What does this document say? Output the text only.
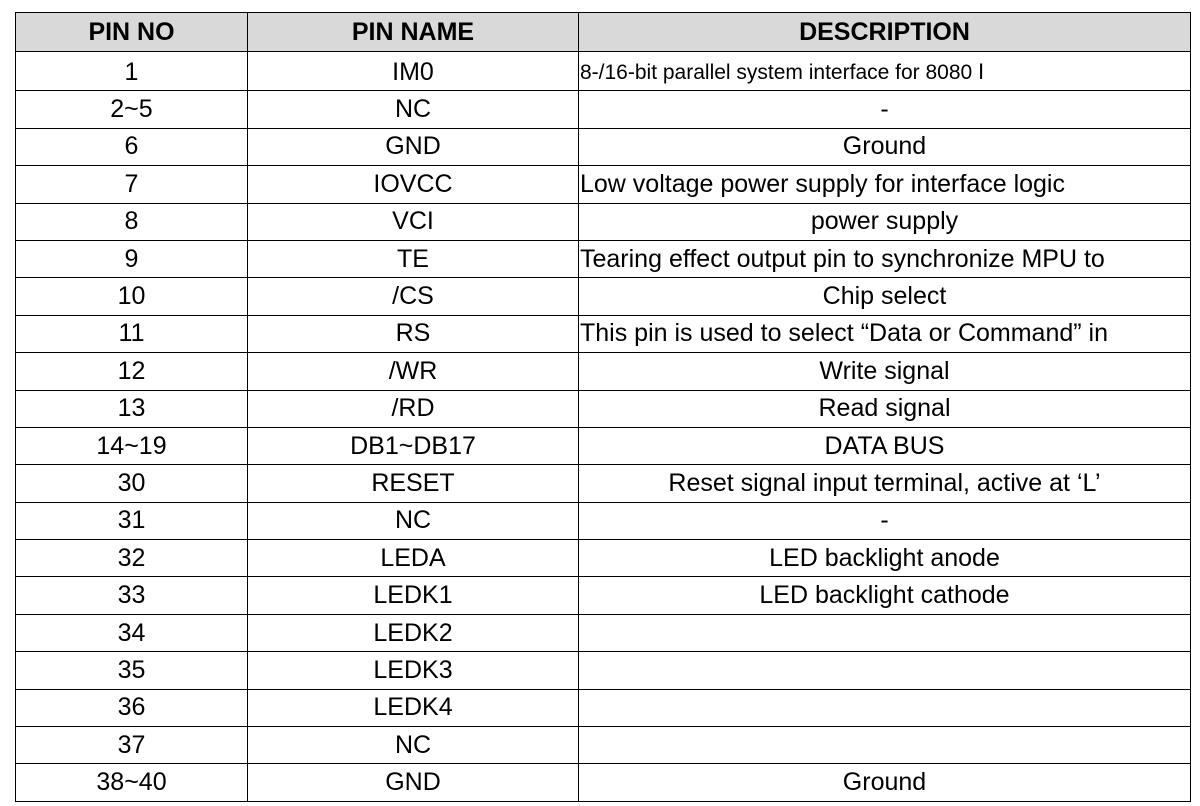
PIN NO	PIN NAME	DESCRIPTION
1	IM0	8-/16-bit parallel system interface for 8080 Ⅰ
2~5	NC	-
6	GND	Ground
7	IOVCC	Low voltage power supply for interface logic
8	VCI	power supply
9	TE	Tearing effect output pin to synchronize MPU to
10	/CS	Chip select
11	RS	This pin is used to select “Data or Command” in
12	/WR	Write signal
13	/RD	Read signal
14~19	DB1~DB17	DATA BUS
30	RESET	Reset signal input terminal, active at ‘L’
31	NC	-
32	LEDA	LED backlight anode
33	LEDK1	LED backlight cathode
34	LEDK2	
35	LEDK3	
36	LEDK4	
37	NC	
38~40	GND	Ground
